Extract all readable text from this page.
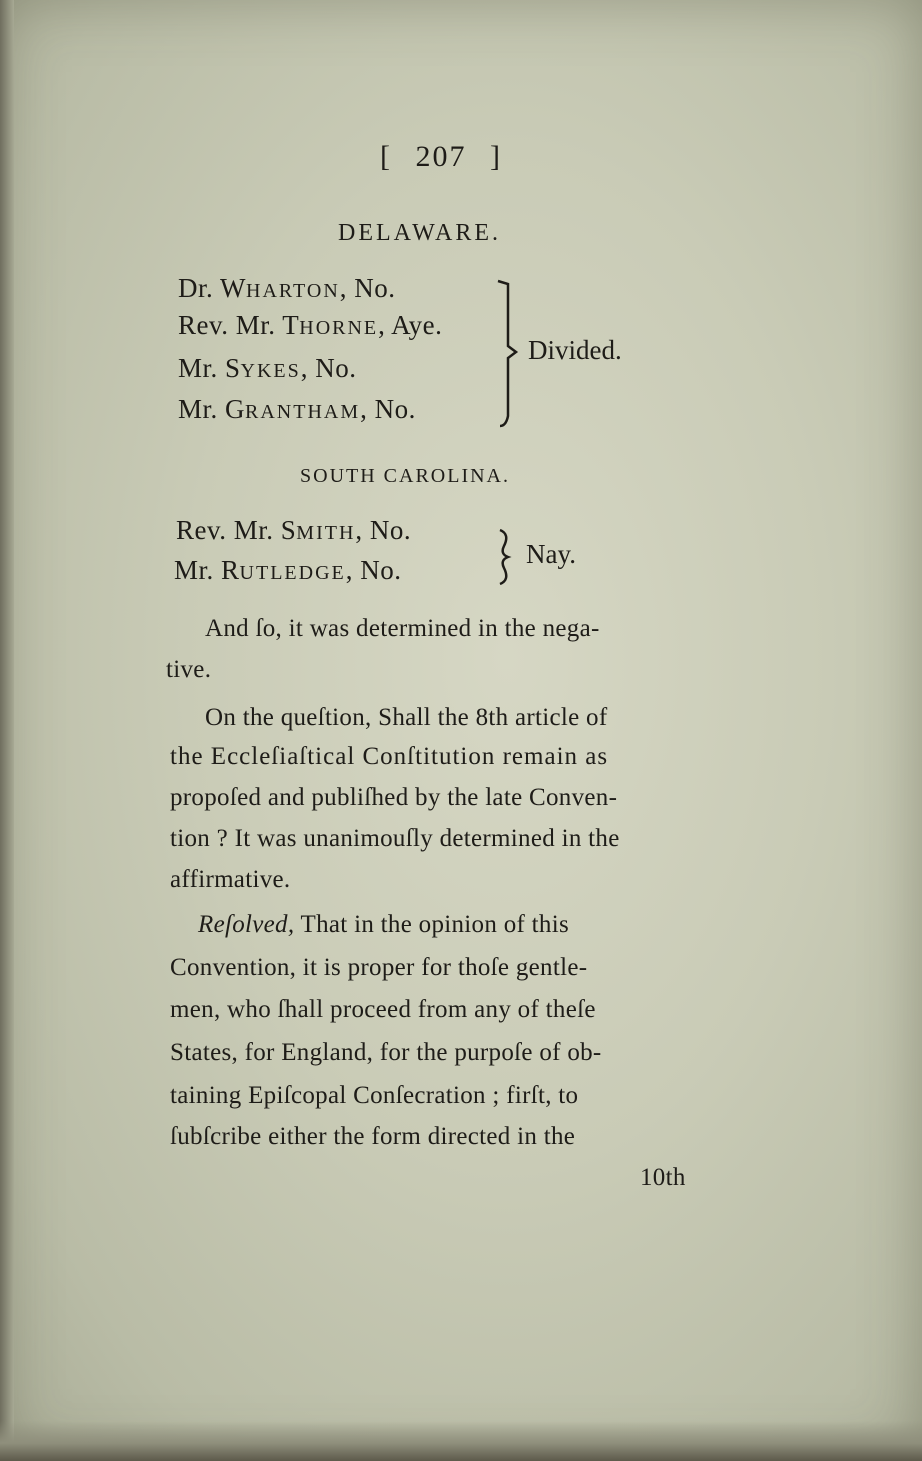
[ 207 ]
DELAWARE.
Dr. WHARTON, No.
Rev. Mr. THORNE, Aye.
Mr. SYKES, No.
Mr. GRANTHAM, No.
Divided.
SOUTH CAROLINA.
Rev. Mr. SMITH, No.
Mr. RUTLEDGE, No.
Nay.
And ſo, it was determined in the nega-
tive.
On the queſtion, Shall the 8th article of
the Eccleſiaſtical Conſtitution remain as
propoſed and publiſhed by the late Conven-
tion ? It was unanimouſly determined in the
affirmative.
Reſolved, That in the opinion of this
Convention, it is proper for thoſe gentle-
men, who ſhall proceed from any of theſe
States, for England, for the purpoſe of ob-
taining Epiſcopal Conſecration ; firſt, to
ſubſcribe either the form directed in the
10th
